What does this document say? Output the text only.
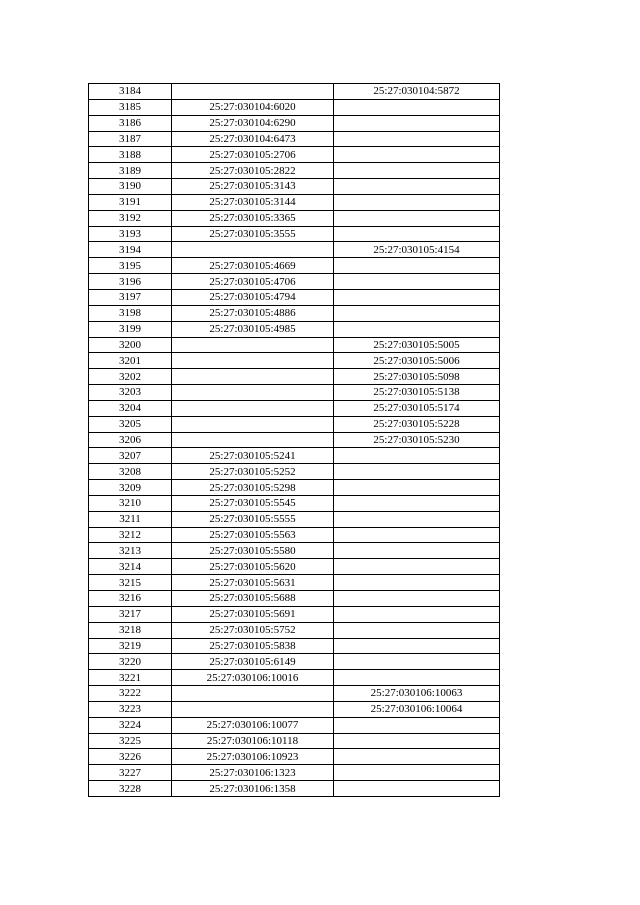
3184		25:27:030104:5872
3185	25:27:030104:6020	
3186	25:27:030104:6290	
3187	25:27:030104:6473	
3188	25:27:030105:2706	
3189	25:27:030105:2822	
3190	25:27:030105:3143	
3191	25:27:030105:3144	
3192	25:27:030105:3365	
3193	25:27:030105:3555	
3194		25:27:030105:4154
3195	25:27:030105:4669	
3196	25:27:030105:4706	
3197	25:27:030105:4794	
3198	25:27:030105:4886	
3199	25:27:030105:4985	
3200		25:27:030105:5005
3201		25:27:030105:5006
3202		25:27:030105:5098
3203		25:27:030105:5138
3204		25:27:030105:5174
3205		25:27:030105:5228
3206		25:27:030105:5230
3207	25:27:030105:5241	
3208	25:27:030105:5252	
3209	25:27:030105:5298	
3210	25:27:030105:5545	
3211	25:27:030105:5555	
3212	25:27:030105:5563	
3213	25:27:030105:5580	
3214	25:27:030105:5620	
3215	25:27:030105:5631	
3216	25:27:030105:5688	
3217	25:27:030105:5691	
3218	25:27:030105:5752	
3219	25:27:030105:5838	
3220	25:27:030105:6149	
3221	25:27:030106:10016	
3222		25:27:030106:10063
3223		25:27:030106:10064
3224	25:27:030106:10077	
3225	25:27:030106:10118	
3226	25:27:030106:10923	
3227	25:27:030106:1323	
3228	25:27:030106:1358	
